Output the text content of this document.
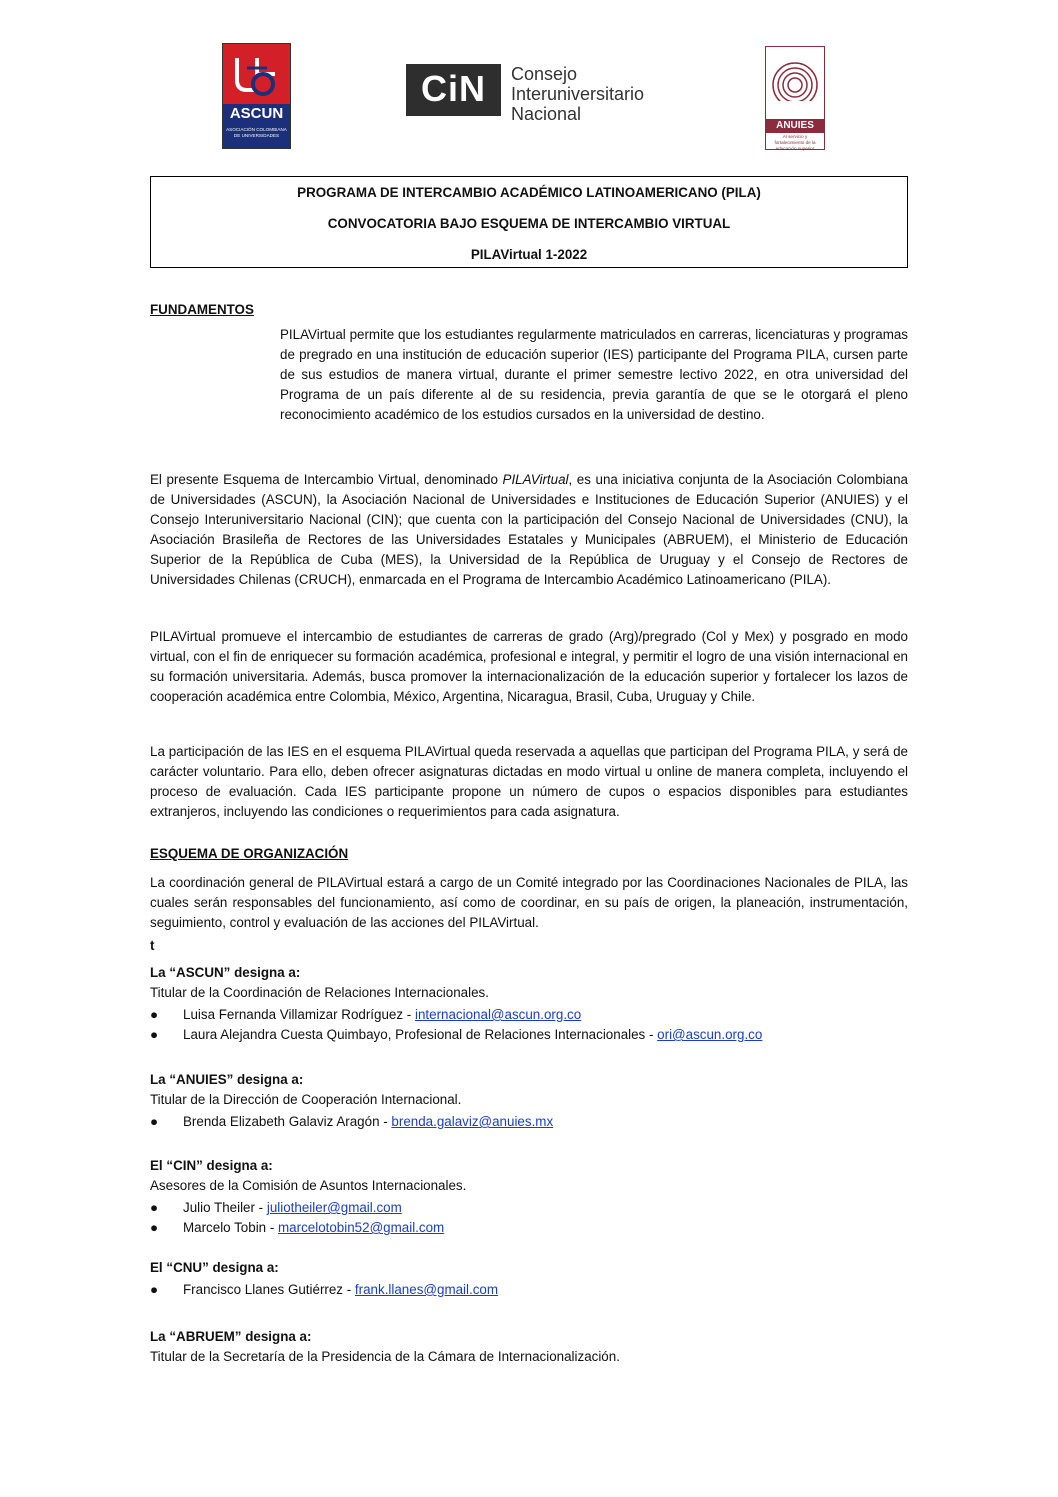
ASCUN
ASOCIACIÓN COLOMBIANA DE UNIVERSIDADES
CiN	Consejo
Interuniversitario
Nacional
ANUIES
Al servicio y fortalecimiento de la educación superior
PROGRAMA DE INTERCAMBIO ACADÉMICO LATINOAMERICANO (PILA)
CONVOCATORIA BAJO ESQUEMA DE INTERCAMBIO VIRTUAL
PILAVirtual 1-2022
FUNDAMENTOS
PILAVirtual permite que los estudiantes regularmente matriculados en carreras, licenciaturas y programas de pregrado en una institución de educación superior (IES) participante del Programa PILA, cursen parte de sus estudios de manera virtual, durante el primer semestre lectivo 2022, en otra universidad del Programa de un país diferente al de su residencia, previa garantía de que se le otorgará el pleno reconocimiento académico de los estudios cursados en la universidad de destino.
El presente Esquema de Intercambio Virtual, denominado PILAVirtual, es una iniciativa conjunta de la Asociación Colombiana de Universidades (ASCUN), la Asociación Nacional de Universidades e Instituciones de Educación Superior (ANUIES) y el Consejo Interuniversitario Nacional (CIN); que cuenta con la participación del Consejo Nacional de Universidades (CNU), la Asociación Brasileña de Rectores de las Universidades Estatales y Municipales (ABRUEM), el Ministerio de Educación Superior de la República de Cuba (MES), la Universidad de la República de Uruguay y el Consejo de Rectores de Universidades Chilenas (CRUCH), enmarcada en el Programa de Intercambio Académico Latinoamericano (PILA).
PILAVirtual promueve el intercambio de estudiantes de carreras de grado (Arg)/pregrado (Col y Mex) y posgrado en modo virtual, con el fin de enriquecer su formación académica, profesional e integral, y permitir el logro de una visión internacional en su formación universitaria. Además, busca promover la internacionalización de la educación superior y fortalecer los lazos de cooperación académica entre Colombia, México, Argentina, Nicaragua, Brasil, Cuba, Uruguay y Chile.
La participación de las IES en el esquema PILAVirtual queda reservada a aquellas que participan del Programa PILA, y será de carácter voluntario. Para ello, deben ofrecer asignaturas dictadas en modo virtual u online de manera completa, incluyendo el proceso de evaluación. Cada IES participante propone un número de cupos o espacios disponibles para estudiantes extranjeros, incluyendo las condiciones o requerimientos para cada asignatura.
ESQUEMA DE ORGANIZACIÓN
La coordinación general de PILAVirtual estará a cargo de un Comité integrado por las Coordinaciones Nacionales de PILA, las cuales serán responsables del funcionamiento, así como de coordinar, en su país de origen, la planeación, instrumentación, seguimiento, control y evaluación de las acciones del PILAVirtual.
t
La “ASCUN” designa a:
Titular de la Coordinación de Relaciones Internacionales.
●	Luisa Fernanda Villamizar Rodríguez - internacional@ascun.org.co
●	Laura Alejandra Cuesta Quimbayo, Profesional de Relaciones Internacionales - ori@ascun.org.co
La “ANUIES” designa a:
Titular de la Dirección de Cooperación Internacional.
●	Brenda Elizabeth Galaviz Aragón - brenda.galaviz@anuies.mx
El “CIN” designa a:
Asesores de la Comisión de Asuntos Internacionales.
●	Julio Theiler - juliotheiler@gmail.com
●	Marcelo Tobin - marcelotobin52@gmail.com
El “CNU” designa a:
●	Francisco Llanes Gutiérrez - frank.llanes@gmail.com
La “ABRUEM” designa a:
Titular de la Secretaría de la Presidencia de la Cámara de Internacionalización.
